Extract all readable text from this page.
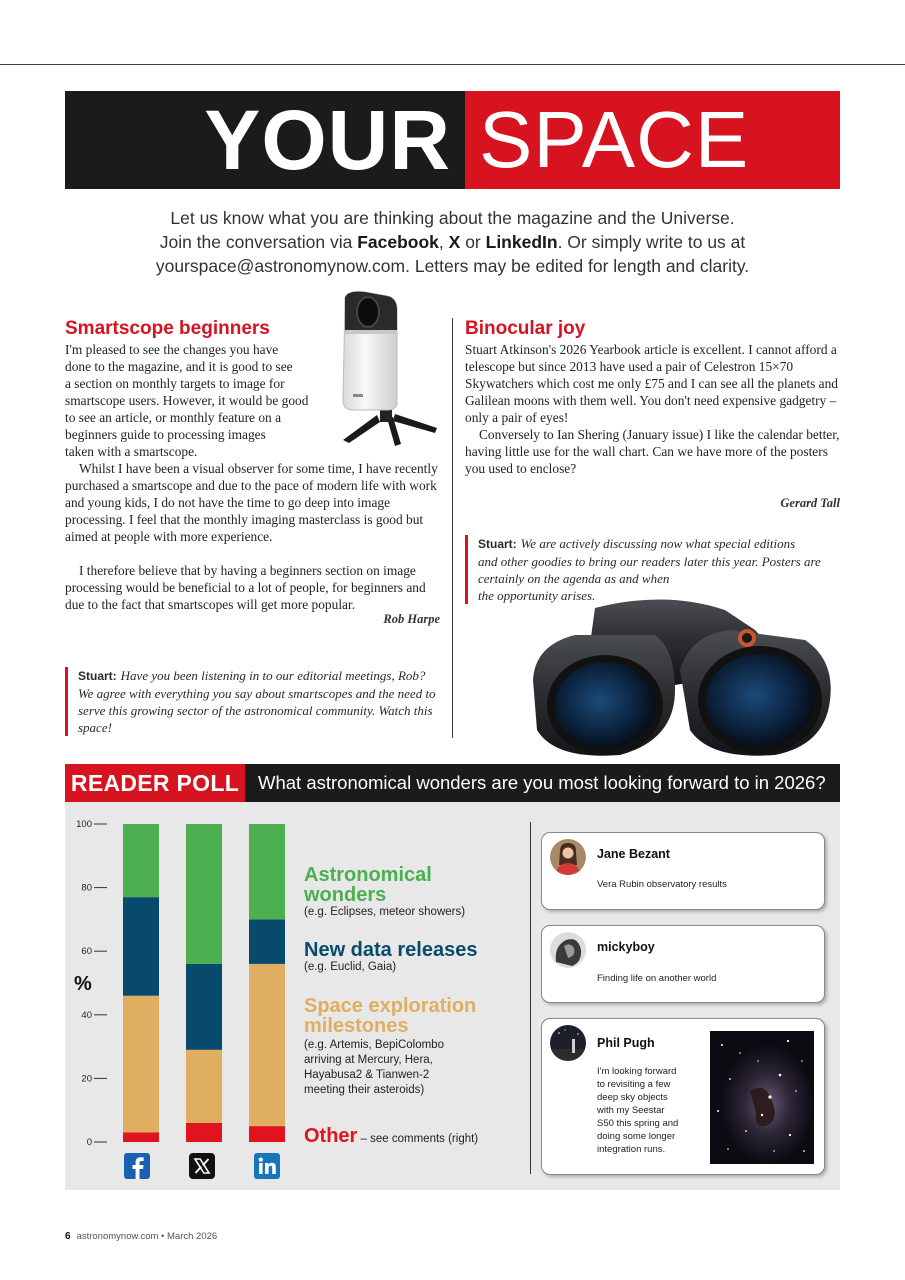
YOUR SPACE
Let us know what you are thinking about the magazine and the Universe.
Join the conversation via Facebook, X or LinkedIn. Or simply write to us at
yourspace@astronomynow.com. Letters may be edited for length and clarity.
Smartscope beginners
I'm pleased to see the changes you have
done to the magazine, and it is good to see
a section on monthly targets to image for
smartscope users. However, it would be good
to see an article, or monthly feature on a
beginners guide to processing images
taken with a smartscope.
Whilst I have been a visual observer for some time, I have recently purchased a smartscope and due to the pace of modern life with work and young kids, I do not have the time to go deep into image processing. I feel that the monthly imaging masterclass is good but aimed at people with more experience.
I therefore believe that by having a beginners section on image processing would be beneficial to a lot of people, for beginners and due to the fact that smartscopes will get more popular.
Rob Harpe
Stuart: Have you been listening in to our editorial meetings, Rob? We agree with everything you say about smartscopes and the need to serve this growing sector of the astronomical community. Watch this space!
Binocular joy
Stuart Atkinson's 2026 Yearbook article is excellent. I cannot afford a telescope but since 2013 have used a pair of Celestron 15×70 Skywatchers which cost me only £75 and I can see all the planets and Galilean moons with them well. You don't need expensive gadgetry – only a pair of eyes!
Conversely to Ian Shering (January issue) I like the calendar better, having little use for the wall chart. Can we have more of the posters you used to enclose?
Gerard Tall
Stuart: We are actively discussing now what special editions
and other goodies to bring our readers later this year. Posters are
certainly on the agenda as and when
the opportunity arises.
READER POLL	What astronomical wonders are you most looking forward to in 2026?
0
20
40
60
80
100
%
Astronomical
wonders
(e.g. Eclipses, meteor showers)
New data releases
(e.g. Euclid, Gaia)
Space exploration
milestones
(e.g. Artemis, BepiColombo
arriving at Mercury, Hera,
Hayabusa2 & Tianwen-2
meeting their asteroids)
Other – see comments (right)
Jane Bezant
Vera Rubin observatory results
mickyboy
Finding life on another world
Phil Pugh
I'm looking forward
to revisiting a few
deep sky objects
with my Seestar
S50 this spring and
doing some longer
integration runs.
6 astronomynow.com • March 2026
